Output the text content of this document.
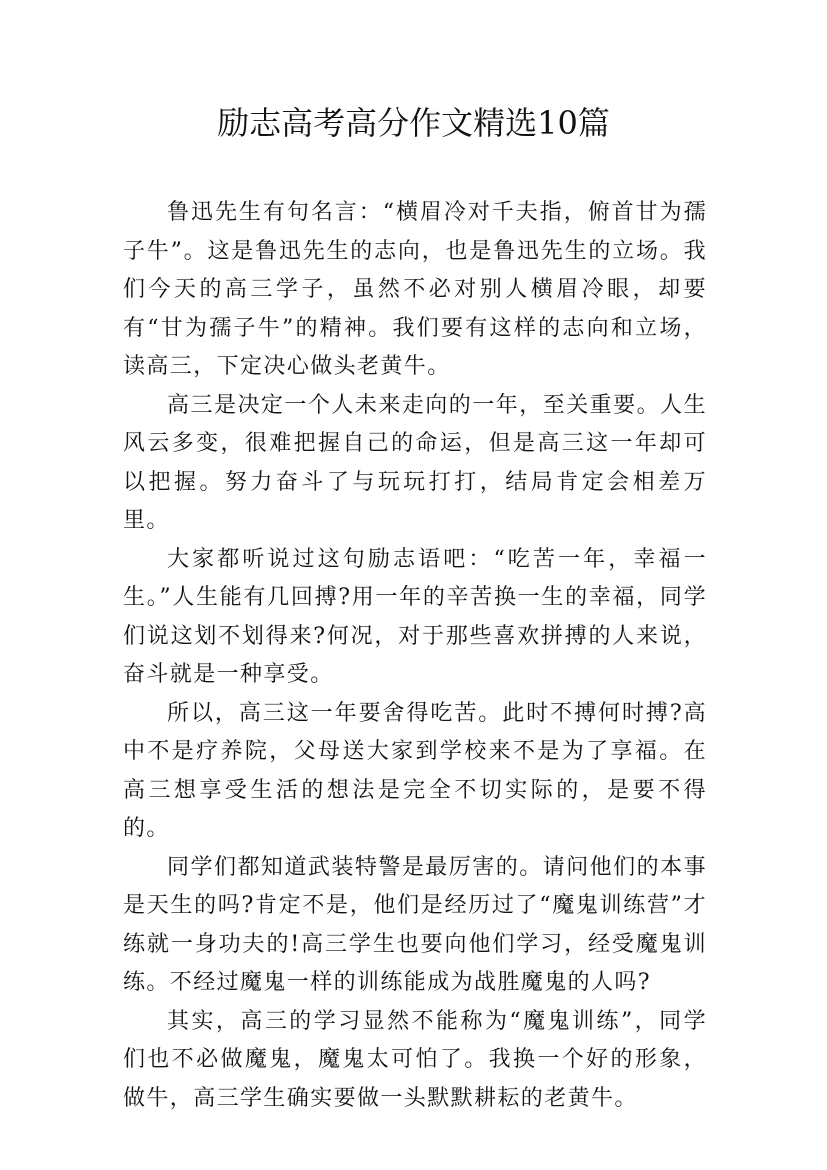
励志高考高分作文精选10篇

鲁迅先生有句名言：“横眉冷对千夫指，俯首甘为孺子牛”。这是鲁迅先生的志向，也是鲁迅先生的立场。我们今天的高三学子，虽然不必对别人横眉冷眼，却要有“甘为孺子牛”的精神。我们要有这样的志向和立场，读高三，下定决心做头老黄牛。

高三是决定一个人未来走向的一年，至关重要。人生风云多变，很难把握自己的命运，但是高三这一年却可以把握。努力奋斗了与玩玩打打，结局肯定会相差万里。

大家都听说过这句励志语吧：“吃苦一年，幸福一生。”人生能有几回搏?用一年的辛苦换一生的幸福，同学们说这划不划得来?何况，对于那些喜欢拼搏的人来说，奋斗就是一种享受。

所以，高三这一年要舍得吃苦。此时不搏何时搏?高中不是疗养院，父母送大家到学校来不是为了享福。在高三想享受生活的想法是完全不切实际的，是要不得的。

同学们都知道武装特警是最厉害的。请问他们的本事是天生的吗?肯定不是，他们是经历过了“魔鬼训练营”才练就一身功夫的!高三学生也要向他们学习，经受魔鬼训练。不经过魔鬼一样的训练能成为战胜魔鬼的人吗?

其实，高三的学习显然不能称为“魔鬼训练”，同学们也不必做魔鬼，魔鬼太可怕了。我换一个好的形象，做牛，高三学生确实要做一头默默耕耘的老黄牛。
